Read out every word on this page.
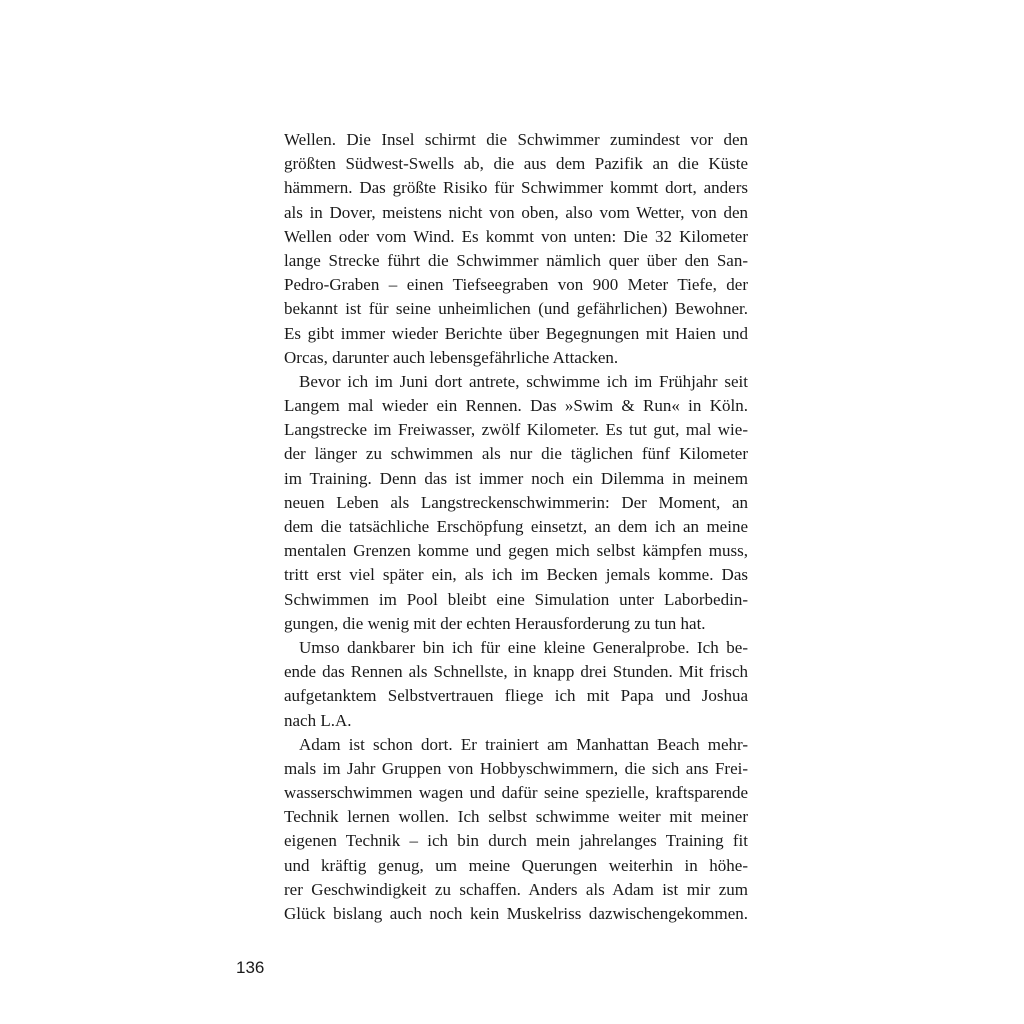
Wellen. Die Insel schirmt die Schwimmer zumindest vor den
größten Südwest-Swells ab, die aus dem Pazifik an die Küste
hämmern. Das größte Risiko für Schwimmer kommt dort, anders
als in Dover, meistens nicht von oben, also vom Wetter, von den
Wellen oder vom Wind. Es kommt von unten: Die 32 Kilometer
lange Strecke führt die Schwimmer nämlich quer über den San-
Pedro-Graben – einen Tiefseegraben von 900 Meter Tiefe, der
bekannt ist für seine unheimlichen (und gefährlichen) Bewohner.
Es gibt immer wieder Berichte über Begegnungen mit Haien und
Orcas, darunter auch lebensgefährliche Attacken.
Bevor ich im Juni dort antrete, schwimme ich im Frühjahr seit
Langem mal wieder ein Rennen. Das »Swim & Run« in Köln.
Langstrecke im Freiwasser, zwölf Kilometer. Es tut gut, mal wie-
der länger zu schwimmen als nur die täglichen fünf Kilometer
im Training. Denn das ist immer noch ein Dilemma in meinem
neuen Leben als Langstreckenschwimmerin: Der Moment, an
dem die tatsächliche Erschöpfung einsetzt, an dem ich an meine
mentalen Grenzen komme und gegen mich selbst kämpfen muss,
tritt erst viel später ein, als ich im Becken jemals komme. Das
Schwimmen im Pool bleibt eine Simulation unter Laborbedin-
gungen, die wenig mit der echten Herausforderung zu tun hat.
Umso dankbarer bin ich für eine kleine Generalprobe. Ich be-
ende das Rennen als Schnellste, in knapp drei Stunden. Mit frisch
aufgetanktem Selbstvertrauen fliege ich mit Papa und Joshua
nach L.A.
Adam ist schon dort. Er trainiert am Manhattan Beach mehr-
mals im Jahr Gruppen von Hobbyschwimmern, die sich ans Frei-
wasserschwimmen wagen und dafür seine spezielle, kraftsparende
Technik lernen wollen. Ich selbst schwimme weiter mit meiner
eigenen Technik – ich bin durch mein jahrelanges Training fit
und kräftig genug, um meine Querungen weiterhin in höhe-
rer Geschwindigkeit zu schaffen. Anders als Adam ist mir zum
Glück bislang auch noch kein Muskelriss dazwischengekommen.
136
